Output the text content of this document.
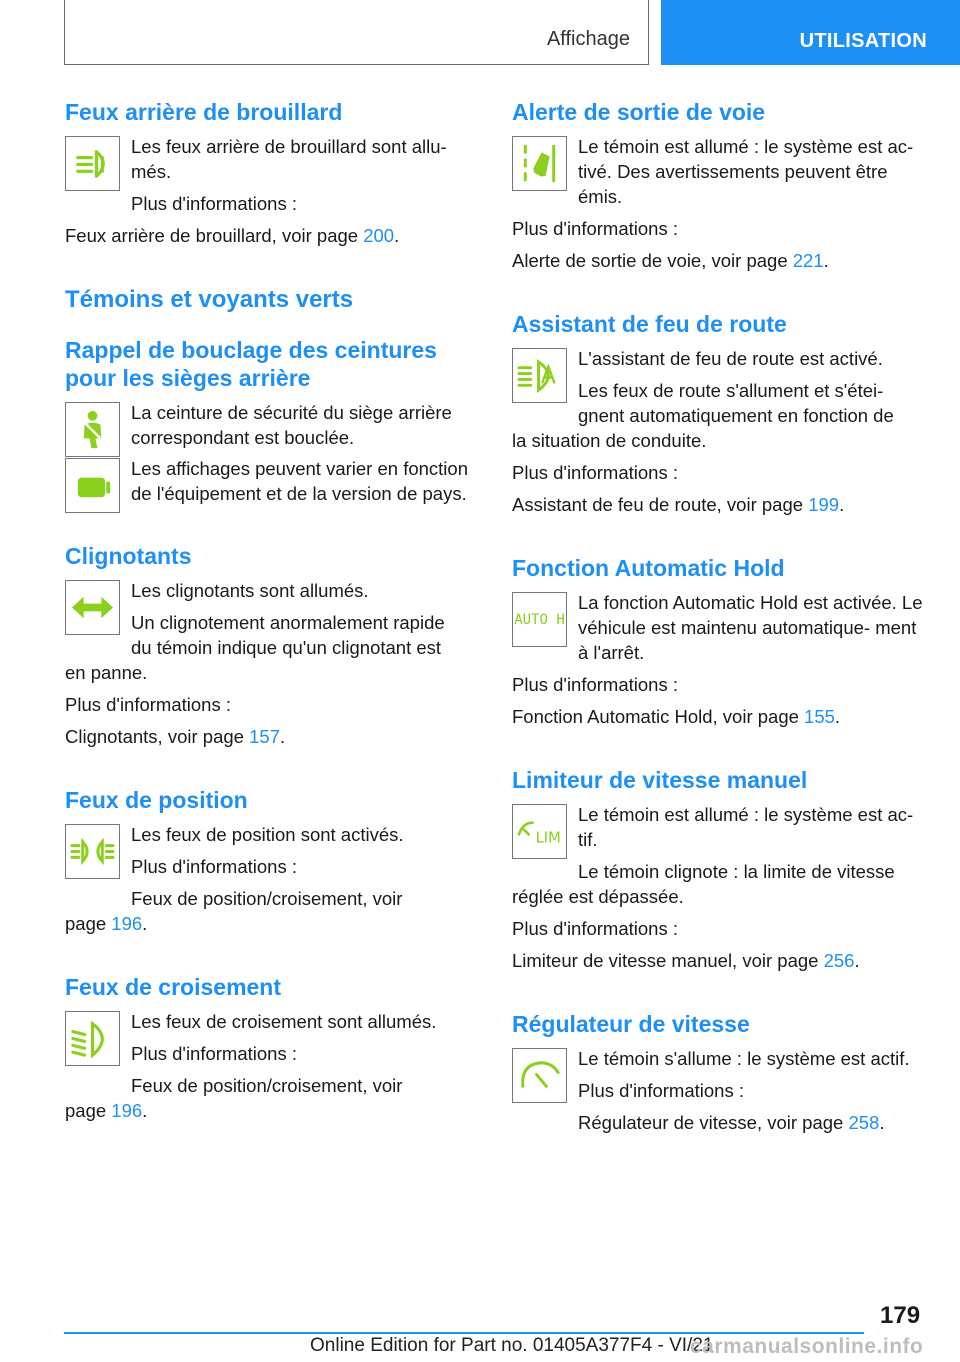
Affichage	UTILISATION
Feux arrière de brouillard

Les feux arrière de brouillard sont allu‐
més.

Plus d'informations :

Feux arrière de brouillard, voir page 200.

Témoins et voyants verts
Rappel de bouclage des ceintures pour les sièges arrière

La ceinture de sécurité du siège arrière correspondant est bouclée.

Les affichages peuvent varier en fonction de l'équipement et de la version de pays.

Clignotants

Les clignotants sont allumés.

Un clignotement anormalement rapide
du témoin indique qu'un clignotant est

en panne.

Plus d'informations :

Clignotants, voir page 157.

Feux de position

Les feux de position sont activés.

Plus d'informations :

Feux de position/croisement, voir

page 196.

Feux de croisement

Les feux de croisement sont allumés.

Plus d'informations :

Feux de position/croisement, voir

page 196.

Alerte de sortie de voie

Le témoin est allumé : le système est ac‐ tivé. Des avertissements peuvent être émis.

Plus d'informations :

Alerte de sortie de voie, voir page 221.

Assistant de feu de route

L'assistant de feu de route est activé.

Les feux de route s'allument et s'étei‐
gnent automatiquement en fonction de

la situation de conduite.

Plus d'informations :

Assistant de feu de route, voir page 199.

Fonction Automatic Hold
AUTO H

La fonction Automatic Hold est activée. Le véhicule est maintenu automatique‐ ment à l'arrêt.

Plus d'informations :

Fonction Automatic Hold, voir page 155.

Limiteur de vitesse manuel
LIM

Le témoin est allumé : le système est ac‐ tif.

Le témoin clignote : la limite de vitesse

réglée est dépassée.

Plus d'informations :

Limiteur de vitesse manuel, voir page 256.

Régulateur de vitesse

Le témoin s'allume : le système est actif.

Plus d'informations :

Régulateur de vitesse, voir page 258.

179
Online Edition for Part no. 01405A377F4 - VI/21
carmanualsonline.info
